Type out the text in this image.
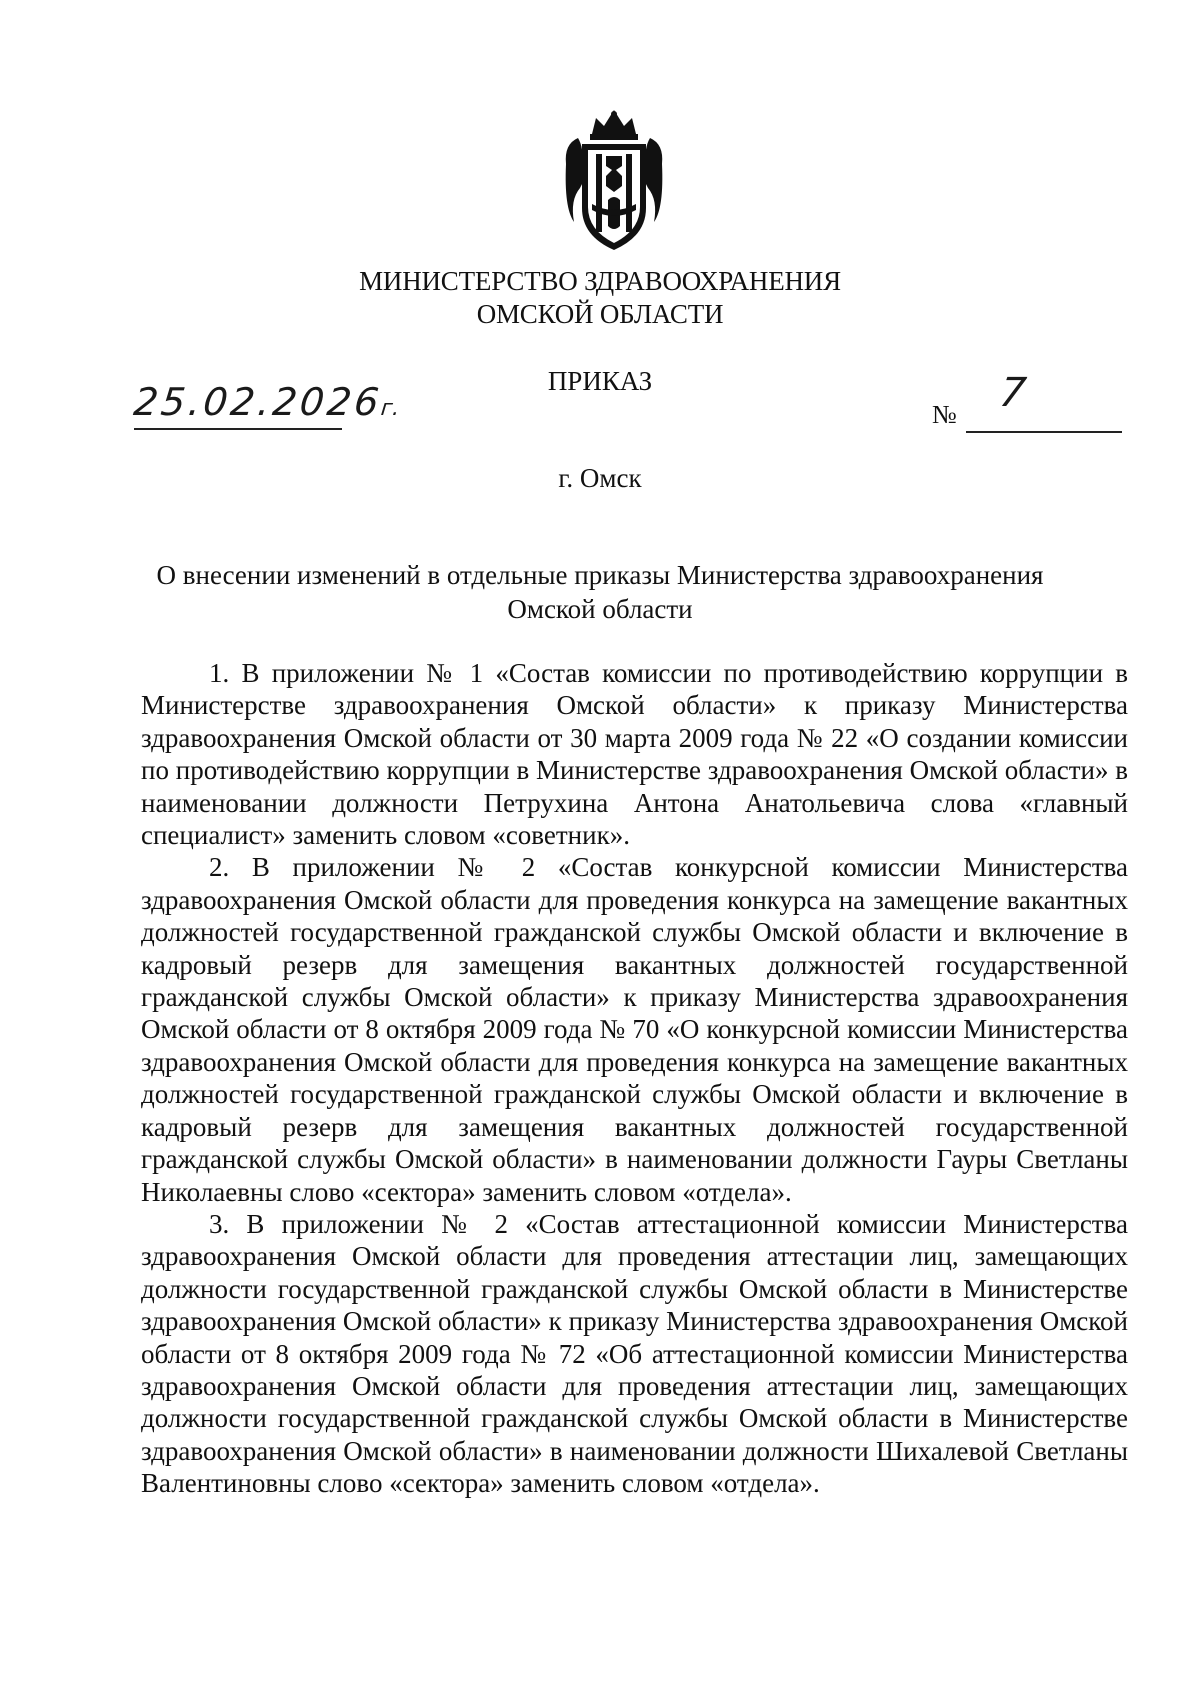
МИНИСТЕРСТВО ЗДРАВООХРАНЕНИЯ
ОМСКОЙ ОБЛАСТИ
ПРИКАЗ
25.02.2026г.	№ 7
г. Омск
О внесении изменений в отдельные приказы Министерства здравоохранения Омской области

1. В приложении № 1 «Состав комиссии по противодействию коррупции в Министерстве здравоохранения Омской области» к приказу Министерства здравоохранения Омской области от 30 марта 2009 года № 22 «О создании комиссии по противодействию коррупции в Министерстве здравоохранения Омской области» в наименовании должности Петрухина Антона Анатольевича слова «главный специалист» заменить словом «советник».

2. В приложении № 2 «Состав конкурсной комиссии Министерства здравоохранения Омской области для проведения конкурса на замещение вакантных должностей государственной гражданской службы Омской области и включение в кадровый резерв для замещения вакантных должностей государственной гражданской службы Омской области» к приказу Министерства здравоохранения Омской области от 8 октября 2009 года № 70 «О конкурсной комиссии Министерства здравоохранения Омской области для проведения конкурса на замещение вакантных должностей государственной гражданской службы Омской области и включение в кадровый резерв для замещения вакантных должностей государственной гражданской службы Омской области» в наименовании должности Гауры Светланы Николаевны слово «сектора» заменить словом «отдела».

3. В приложении № 2 «Состав аттестационной комиссии Министерства здравоохранения Омской области для проведения аттестации лиц, замещающих должности государственной гражданской службы Омской области в Министерстве здравоохранения Омской области» к приказу Министерства здравоохранения Омской области от 8 октября 2009 года № 72 «Об аттестационной комиссии Министерства здравоохранения Омской области для проведения аттестации лиц, замещающих должности государственной гражданской службы Омской области в Министерстве здравоохранения Омской области» в наименовании должности Шихалевой Светланы Валентиновны слово «сектора» заменить словом «отдела».
